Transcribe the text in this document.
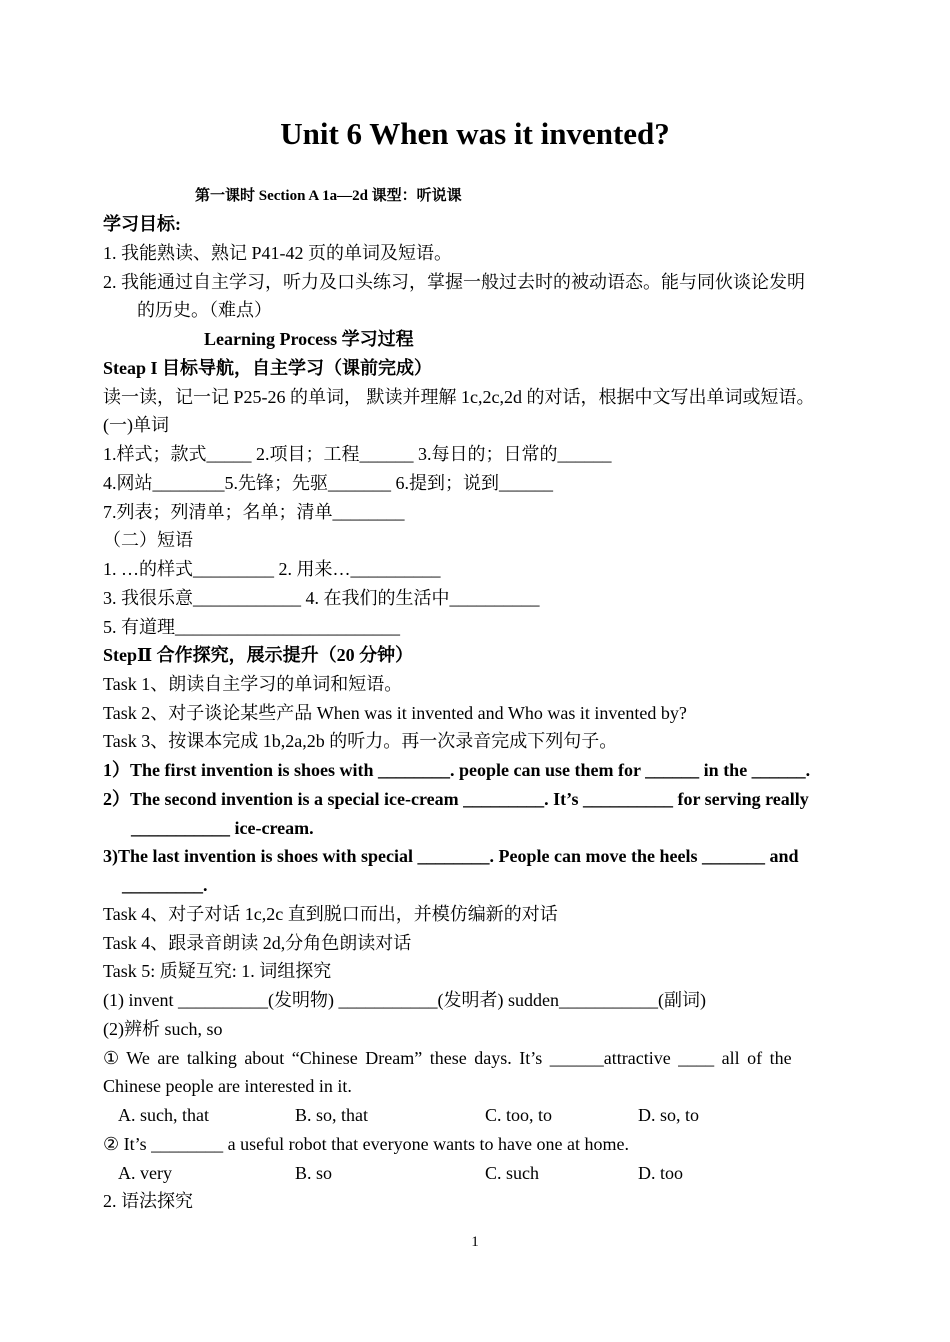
Unit 6 When was it invented?
第一课时 Section A 1a—2d 课型：听说课
学习目标:
1. 我能熟读、熟记 P41-42 页的单词及短语。
2. 我能通过自主学习，听力及口头练习，掌握一般过去时的被动语态。能与同伙谈论发明
的历史。（难点）
Learning Process 学习过程
Steap I 目标导航，自主学习（课前完成）
读一读，记一记 P25-26 的单词， 默读并理解 1c,2c,2d 的对话，根据中文写出单词或短语。
(一)单词
1.样式；款式_____ 2.项目；工程______ 3.每日的；日常的______
4.网站________5.先锋；先驱_______ 6.提到；说到______
7.列表；列清单；名单；清单________
（二）短语
1. …的样式_________ 2. 用来…__________
3. 我很乐意____________ 4. 在我们的生活中__________
5. 有道理_________________________
StepⅡ 合作探究，展示提升（20 分钟）
Task 1、朗读自主学习的单词和短语。
Task 2、对子谈论某些产品 When was it invented and Who was it invented by?
Task 3、按课本完成 1b,2a,2b 的听力。再一次录音完成下列句子。
1）The first invention is shoes with ________. people can use them for ______ in the ______.
2）The second invention is a special ice-cream _________. It’s __________ for serving really
___________ ice-cream.
3)The last invention is shoes with special ________. People can move the heels _______ and
_________.
Task 4、对子对话 1c,2c 直到脱口而出，并模仿编新的对话
Task 4、跟录音朗读 2d,分角色朗读对话
Task 5: 质疑互究: 1. 词组探究
(1) invent __________(发明物) ___________(发明者) sudden___________(副词)
(2)辨析 such, so
① We are talking about “Chinese Dream” these days. It’s ______attractive ____ all of the
Chinese people are interested in it.
A. such, that	B. so, that	C. too, to	D. so, to
② It’s ________ a useful robot that everyone wants to have one at home.
A. very	B. so	C. such	D. too
2. 语法探究
1
